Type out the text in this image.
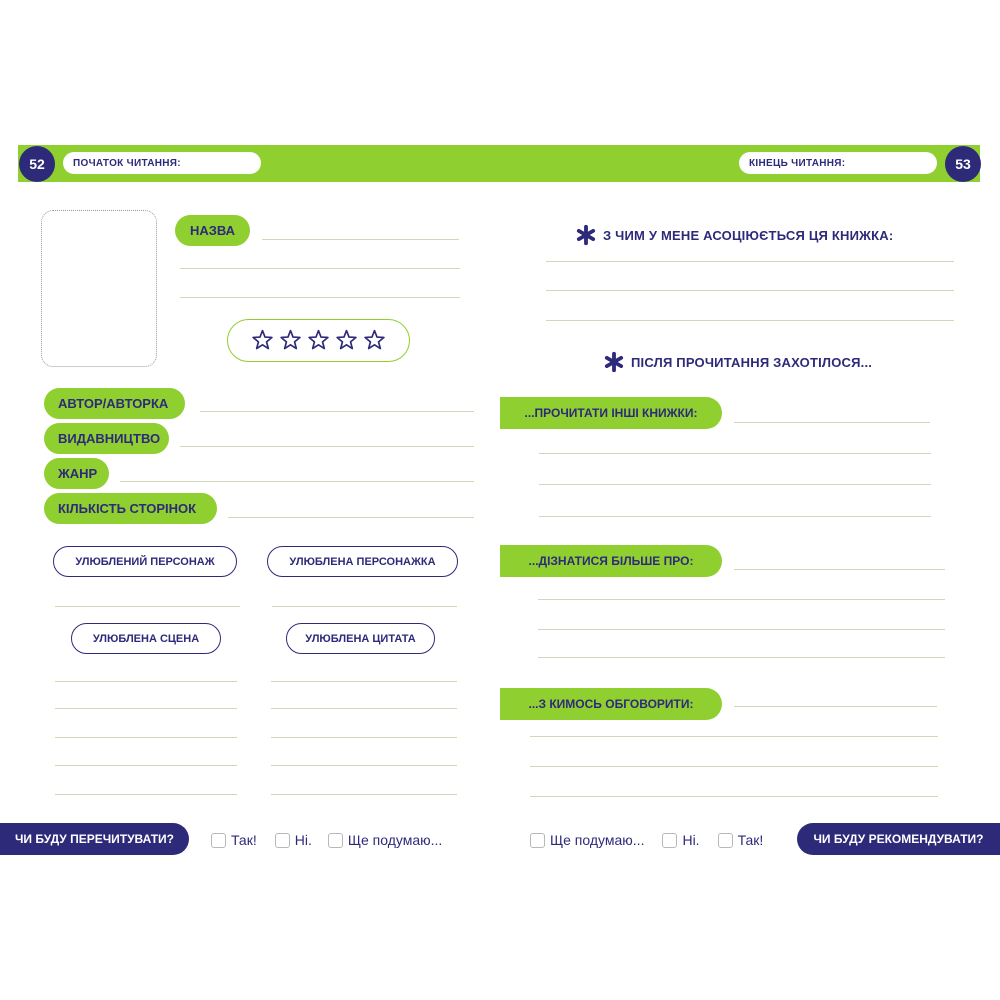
52	53
ПОЧАТОК ЧИТАННЯ:	КІНЕЦЬ ЧИТАННЯ:
НАЗВА
АВТОР/АВТОРКА
ВИДАВНИЦТВО
ЖАНР
КІЛЬКІСТЬ СТОРІНОК
УЛЮБЛЕНИЙ ПЕРСОНАЖ	УЛЮБЛЕНА ПЕРСОНАЖКА
УЛЮБЛЕНА СЦЕНА	УЛЮБЛЕНА ЦИТАТА
З ЧИМ У МЕНЕ АСОЦІЮЄТЬСЯ ЦЯ КНИЖКА:
ПІСЛЯ ПРОЧИТАННЯ ЗАХОТІЛОСЯ...
...ПРОЧИТАТИ ІНШІ КНИЖКИ:
...ДІЗНАТИСЯ БІЛЬШЕ ПРО:
...З КИМОСЬ ОБГОВОРИТИ:
ЧИ БУДУ ПЕРЕЧИТУВАТИ?	Так!	Ні.	Ще подумаю...	Ще подумаю...	Ні.	Так!	ЧИ БУДУ РЕКОМЕНДУВАТИ?
